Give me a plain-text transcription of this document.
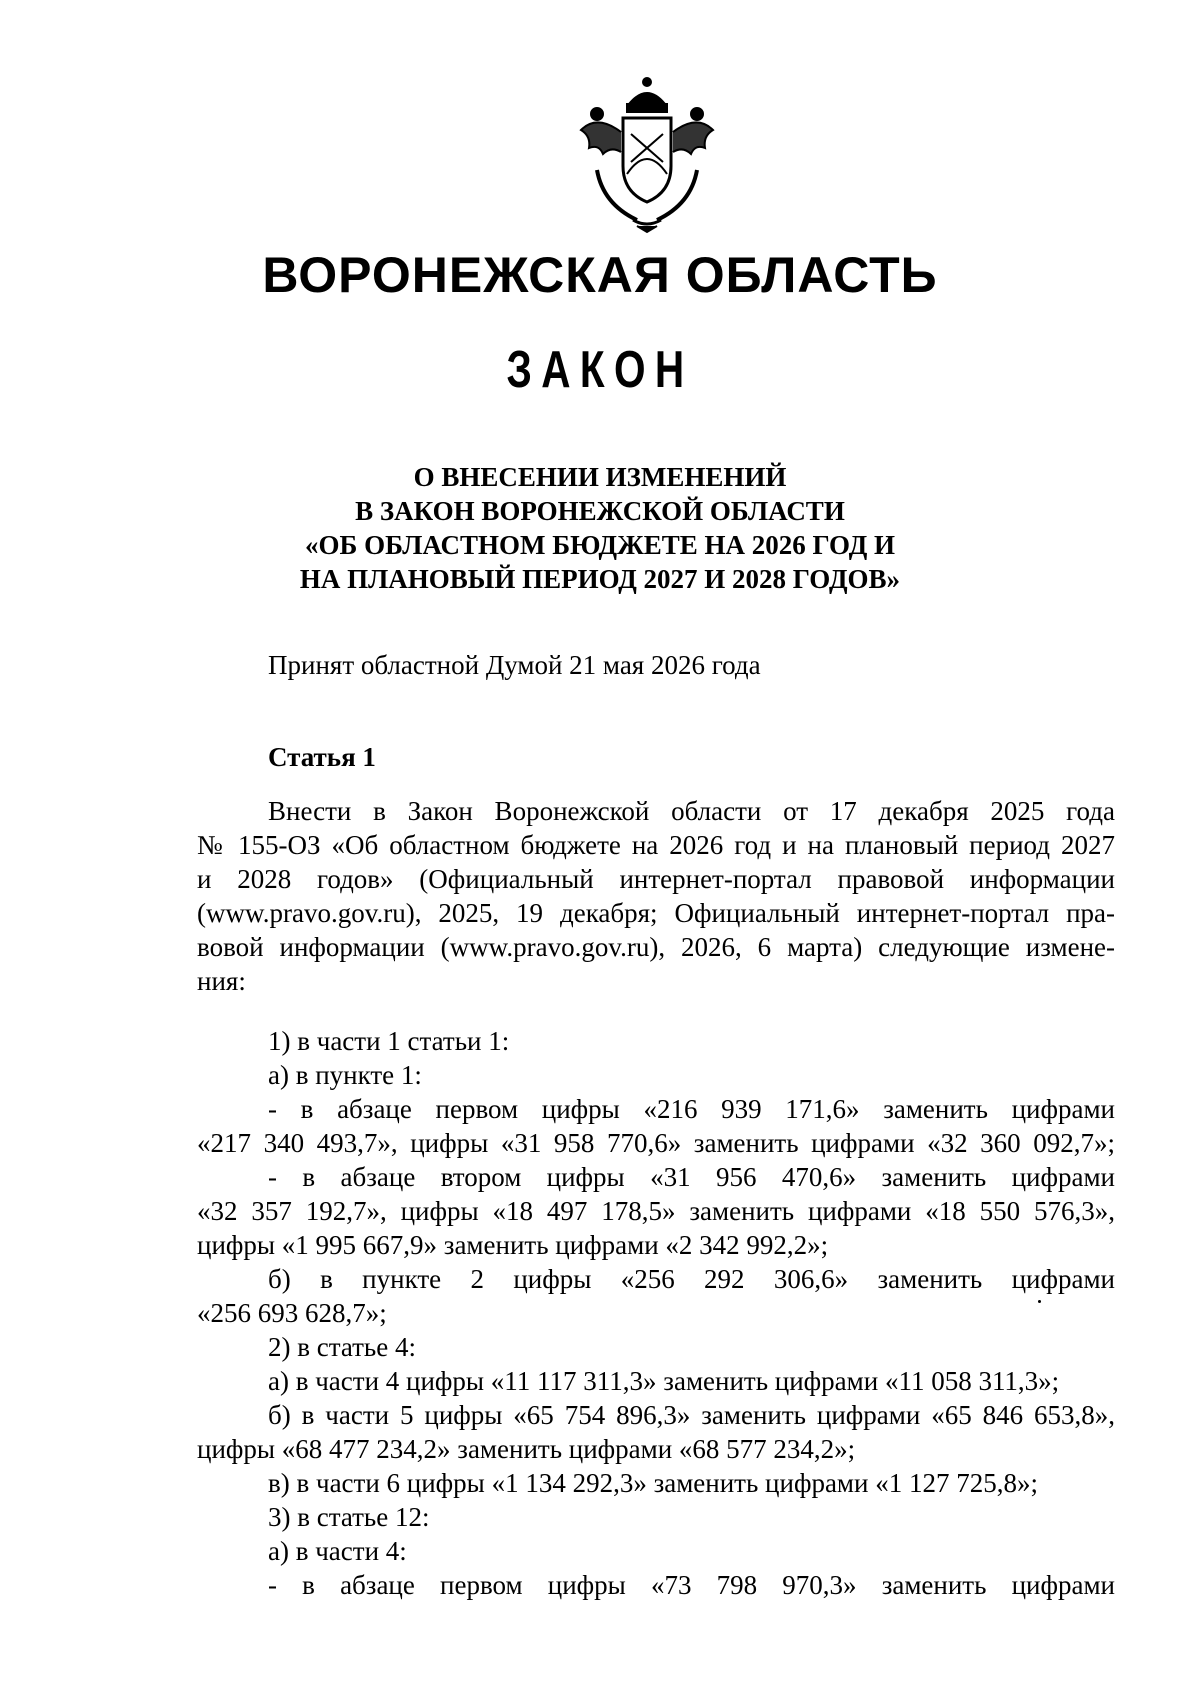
ВОРОНЕЖСКАЯ ОБЛАСТЬ
ЗАКОН
О ВНЕСЕНИИ ИЗМЕНЕНИЙ
В ЗАКОН ВОРОНЕЖСКОЙ ОБЛАСТИ
«ОБ ОБЛАСТНОМ БЮДЖЕТЕ НА 2026 ГОД И
НА ПЛАНОВЫЙ ПЕРИОД 2027 И 2028 ГОДОВ»
Принят областной Думой 21 мая 2026 года
Статья 1
Внести в Закон Воронежской области от 17 декабря 2025 года
№ 155-ОЗ «Об областном бюджете на 2026 год и на плановый период 2027
и 2028 годов» (Официальный интернет-портал правовой информации
(www.pravo.gov.ru), 2025, 19 декабря; Официальный интернет-портал пра-
вовой информации (www.pravo.gov.ru), 2026, 6 марта) следующие измене-
ния:
1) в части 1 статьи 1:
а) в пункте 1:
- в абзаце первом цифры «216 939 171,6» заменить цифрами
«217 340 493,7», цифры «31 958 770,6» заменить цифрами «32 360 092,7»;
- в абзаце втором цифры «31 956 470,6» заменить цифрами
«32 357 192,7», цифры «18 497 178,5» заменить цифрами «18 550 576,3»,
цифры «1 995 667,9» заменить цифрами «2 342 992,2»;
б) в пункте 2 цифры «256 292 306,6» заменить цифрами
«256 693 628,7»;
2) в статье 4:
а) в части 4 цифры «11 117 311,3» заменить цифрами «11 058 311,3»;
б) в части 5 цифры «65 754 896,3» заменить цифрами «65 846 653,8»,
цифры «68 477 234,2» заменить цифрами «68 577 234,2»;
в) в части 6 цифры «1 134 292,3» заменить цифрами «1 127 725,8»;
3) в статье 12:
а) в части 4:
- в абзаце первом цифры «73 798 970,3» заменить цифрами
